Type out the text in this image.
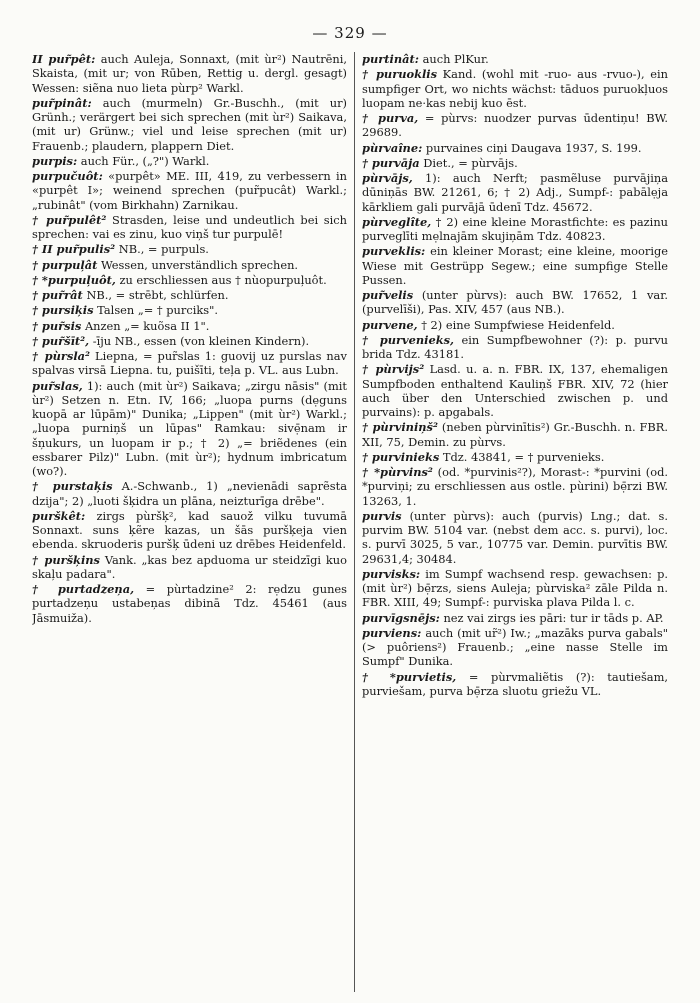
— 329 —

II pur̃pêt: auch Auleja, Sonnaxt, (mit ùr²) Nautrēni, Skaista, (mit ur; von Rūben, Rettig u. dergl. gesagt) Wessen: siẽna nuo lieta pùrp² Warkl.

pur̃pinât: auch (murmeln) Gr.-Buschh., (mit ur) Grünh.; verärgert bei sich sprechen (mit ùr²) Saikava, (mit ur) Grünw.; viel und leise sprechen (mit ur) Frauenb.; plaudern, plappern Diet.

purpis: auch Für., („?") Warkl.

purpučuôt: «purpêt» ME. III, 419, zu verbessern in «purpêt I»; weinend sprechen (pur̃pucât) Warkl.; „rubinât" (vom Birkhahn) Zarnikau.

† pur̃pulêt² Strasden, leise und undeutlich bei sich sprechen: vai es zinu, kuo viņš tur purpulē!

† II pur̃pulis² NB., = purpuls.

† purpuļât Wessen, unverständlich sprechen.

† *purpuļuôt, zu erschliessen aus † nùopurpuļuôt.

† pur̃rât NB., = strēbt, schlürfen.

† pursiķis Talsen „= † purciks".

† pur̃sis Anzen „= kuõsa II 1".

† pur̃šīt², -īju NB., essen (von kleinen Kindern).

† pùrsla² Liepna, = pur̃slas 1: guovij uz purslas nav spalvas virsā Liepna. tu, puišīti, teļa p. VL. aus Lubn.

pur̃slas, 1): auch (mit ùr²) Saikava; „zirgu nāsis" (mit ùr²) Setzen n. Etn. IV, 166; „luopa purns (dẹguns kuopā ar lūpām)" Dunika; „Lippen" (mit ùr²) Warkl.; „luopa purniņš un lūpas" Ramkau: sivẹ̄nam ir šņukurs, un luopam ir p.; † 2) „= briẽdenes (ein essbarer Pilz)" Lubn. (mit ùr²); hydnum imbricatum (wo?).

† purstaķis A.-Schwanb., 1) „nevienādi saprẽsta dzija"; 2) „luoti šķidra un plāna, neizturīga drēbe".

purškêt: zirgs pùršķ², kad sauož vilku tuvumā Sonnaxt. suns ķẽre kazas, un šās puršķeja vien ebenda. skruoderis puršķ ūdeni uz drēbes Heidenfeld.

† puršķins Vank. „kas bez apduoma ur steidzīgi kuo skaļu padara".

† purtadzeņa, = pùrtadzine² 2: rẹdzu gunes purtadzeņu ustabeņas dibinā Tdz. 45461 (aus Jāsmuiža).

purtinât: auch PlKur.

† puruoklis Kand. (wohl mit -ruo- aus -rvuo-), ein sumpfiger Ort, wo nichts wächst: tāduos puruokļuos luopam ne·kas nebij kuo ēst.

† purva, = pùrvs: nuodzer purvas ūdentiņu! BW. 29689.

pùrvaîne: purvaines ciņi Daugava 1937, S. 199.

† purvāja Diet., = pùrvājs.

pùrvājs, 1): auch Nerft; pasmẽluse purvājiņa dūniņās BW. 21261, 6; † 2) Adj., Sumpf-: pabālẹja kārkliem gali purvājā ūdenī Tdz. 45672.

pùrveglîte, † 2) eine kleine Morastfichte: es pazinu purveglīti mẹlnajām skujiņām Tdz. 40823.

purveklis: ein kleiner Morast; eine kleine, moorige Wiese mit Gestrüpp Segew.; eine sumpfige Stelle Pussen.

pur̃velis (unter pùrvs): auch BW. 17652, 1 var. (purvelīši), Pas. XIV, 457 (aus NB.).

purvene, † 2) eine Sumpfwiese Heidenfeld.

† purvenieks, ein Sumpfbewohner (?): p. purvu brida Tdz. 43181.

† pùrvijs² Lasd. u. a. n. FBR. IX, 137, ehemaligen Sumpfboden enthaltend Kauliņš FBR. XIV, 72 (hier auch über den Unterschied zwischen p. und purvains): p. apgabals.

† pùrviniņš² (neben pùrvinītis²) Gr.-Buschh. n. FBR. XII, 75, Demin. zu pùrvs.

† purvinieks Tdz. 43841, = † purvenieks.

† *pùrvins² (od. *purvinis²?), Morast-: *purvini (od. *purviņi; zu erschliessen aus ostle. pùrini) bẹ̄rzi BW. 13263, 1.

purvis (unter pùrvs): auch (purvis) Lng.; dat. s. purvim BW. 5104 var. (nebst dem acc. s. purvi), loc. s. purvī 3025, 5 var., 10775 var. Demin. purvītis BW. 29631,4; 30484.

purvisks: im Sumpf wachsend resp. gewachsen: p. (mit ùr²) bẹ̄rzs, siens Auleja; pùrviska² zāle Pilda n. FBR. XIII, 49; Sumpf-: purviska plava Pilda l. c.

purvīgsnējs: nez vai zirgs ies pāri: tur ir tāds p. AP.

purviens: auch (mit ur̃²) Iw.; „mazāks purva gabals" (> puôriens²) Frauenb.; „eine nasse Stelle im Sumpf" Dunika.

† *purvietis, = pùrvmaliẽtis (?): tautiešam, purviešam, purva bẹ̄rza sluotu griežu VL.
